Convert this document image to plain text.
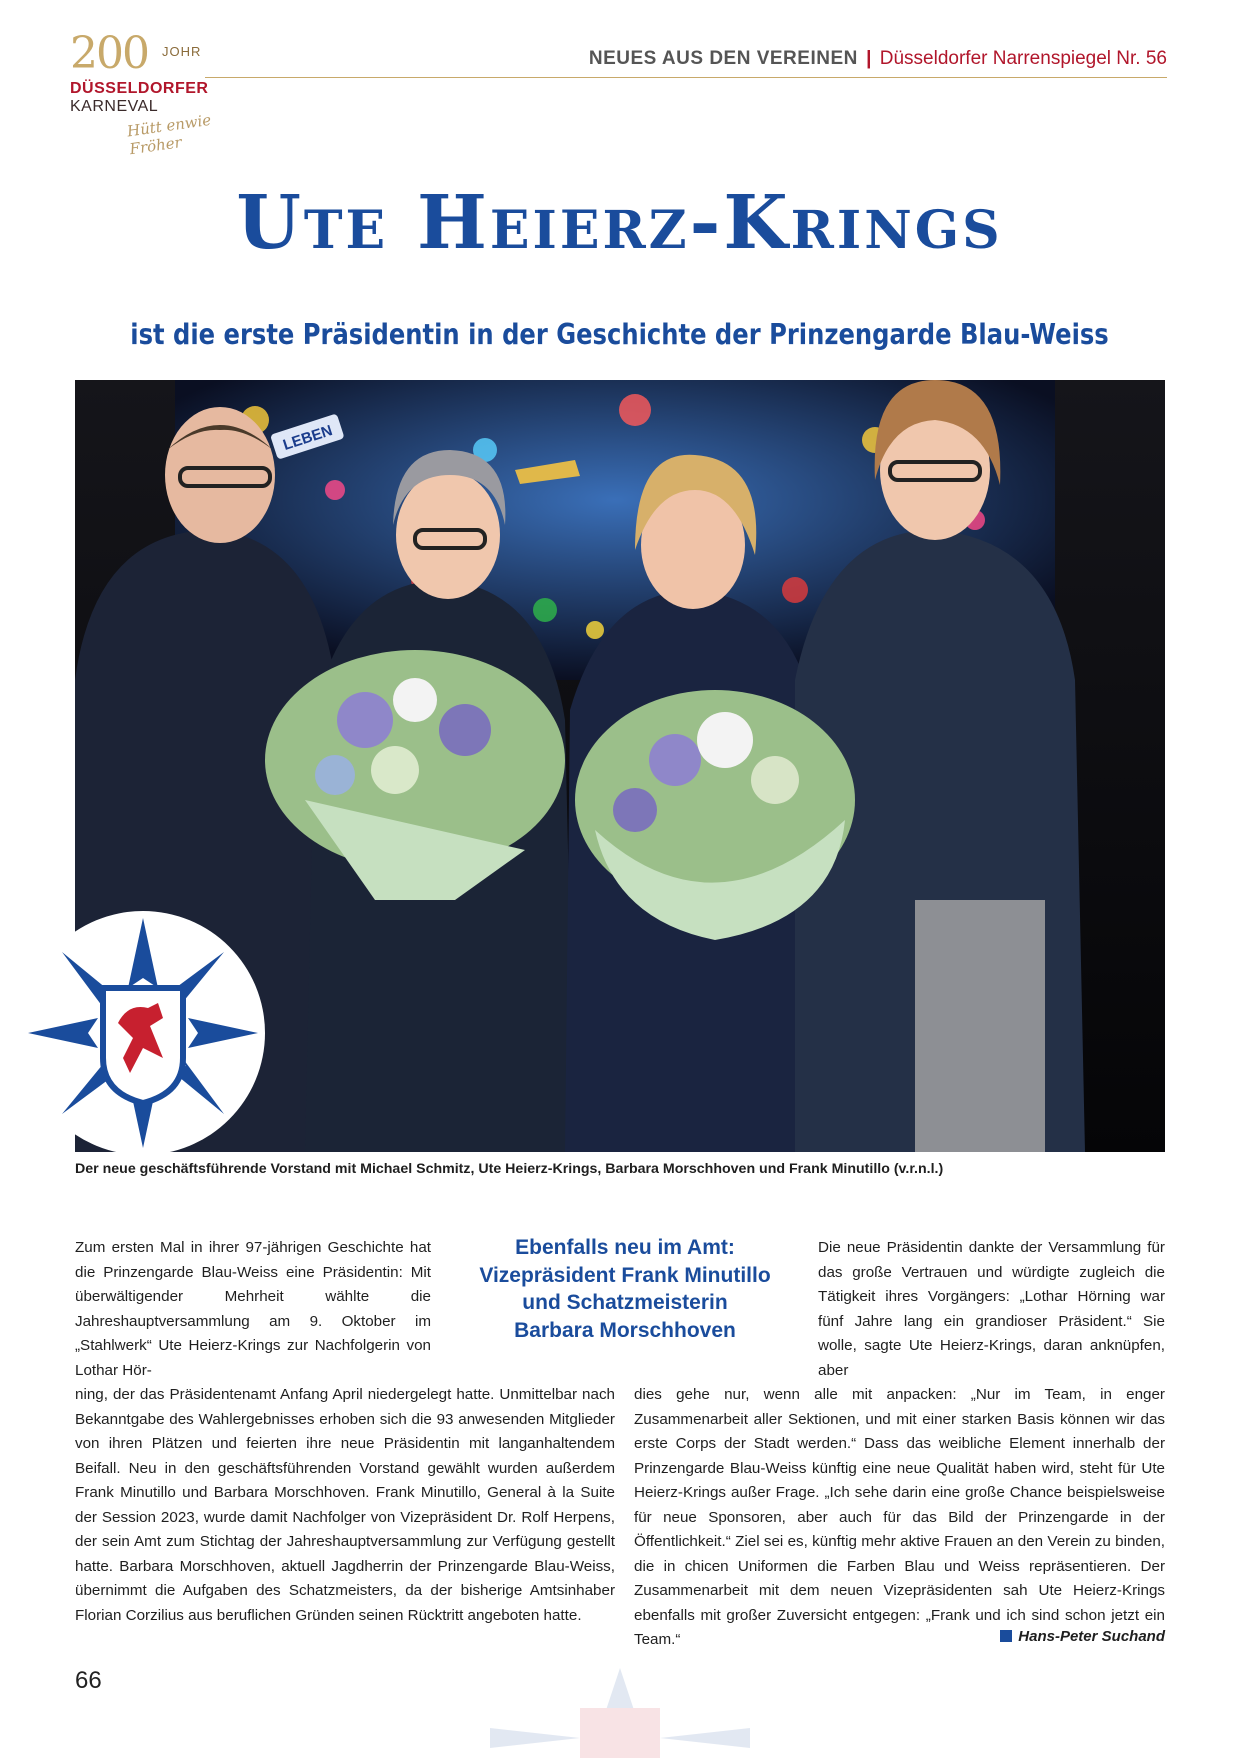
200 JOHR
DÜSSELDORFER
KARNEVAL
Hütt enwie Fröher
NEUES AUS DEN VEREINEN | Düsseldorfer Narrenspiegel Nr. 56
Ute Heierz-Krings
ist die erste Präsidentin in der Geschichte der Prinzengarde Blau-Weiss
LEBEN
Der neue geschäftsführende Vorstand mit Michael Schmitz, Ute Heierz-Krings, Barbara Morschhoven und Frank Minutillo (v.r.n.l.)
Zum ersten Mal in ihrer 97-jährigen Geschichte hat die Prinzengarde Blau-Weiss eine Präsidentin: Mit überwältigender Mehrheit wählte die Jahreshauptversammlung am 9. Oktober im „Stahlwerk“ Ute Heierz-Krings zur Nachfolgerin von Lothar Hör-
ning, der das Präsidentenamt Anfang April niedergelegt hatte. Unmittelbar nach Bekanntgabe des Wahlergebnisses erhoben sich die 93 anwesenden Mitglieder von ihren Plätzen und feierten ihre neue Präsidentin mit langanhaltendem Beifall. Neu in den geschäftsführenden Vorstand gewählt wurden außerdem Frank Minutillo und Barbara Morschhoven. Frank Minutillo, General à la Suite der Session 2023, wurde damit Nachfolger von Vizepräsident Dr. Rolf Herpens, der sein Amt zum Stichtag der Jahreshauptversammlung zur Verfügung gestellt hatte. Barbara Morschhoven, aktuell Jagdherrin der Prinzengarde Blau-Weiss, übernimmt die Aufgaben des Schatzmeisters, da der bisherige Amtsinhaber Florian Corzilius aus beruflichen Gründen seinen Rücktritt angeboten hatte.
Ebenfalls neu im Amt:
Vizepräsident Frank Minutillo
und Schatzmeisterin
Barbara Morschhoven
Die neue Präsidentin dankte der Versammlung für das große Vertrauen und würdigte zugleich die Tätigkeit ihres Vorgängers: „Lothar Hörning war fünf Jahre lang ein grandioser Präsident.“ Sie wolle, sagte Ute Heierz-Krings, daran anknüpfen, aber
dies gehe nur, wenn alle mit anpacken: „Nur im Team, in enger Zusammenarbeit aller Sektionen, und mit einer starken Basis können wir das erste Corps der Stadt werden.“ Dass das weibliche Element innerhalb der Prinzengarde Blau-Weiss künftig eine neue Qualität haben wird, steht für Ute Heierz-Krings außer Frage. „Ich sehe darin eine große Chance beispielsweise für neue Sponsoren, aber auch für das Bild der Prinzengarde in der Öffentlichkeit.“ Ziel sei es, künftig mehr aktive Frauen an den Verein zu binden, die in chicen Uniformen die Farben Blau und Weiss repräsentieren. Der Zusammenarbeit mit dem neuen Vizepräsidenten sah Ute Heierz-Krings ebenfalls mit großer Zuversicht entgegen: „Frank und ich sind schon jetzt ein Team.“	Hans-Peter Suchand
66
